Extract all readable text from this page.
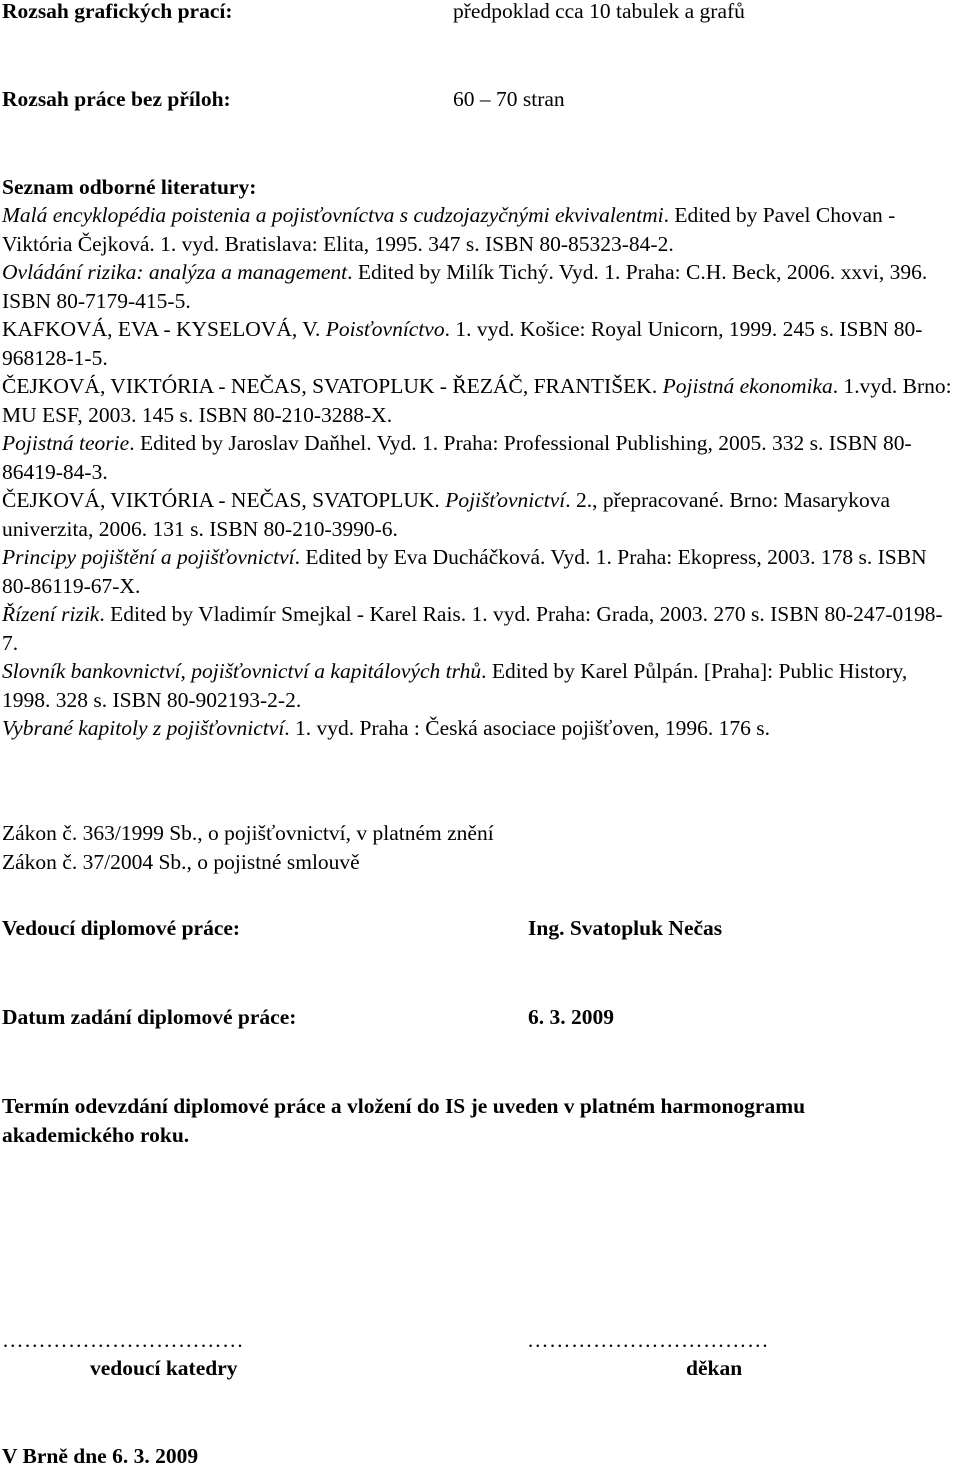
Rozsah grafických prací:	předpoklad cca 10 tabulek a grafů
Rozsah práce bez příloh:	60 – 70 stran
Seznam odborné literatury:

Malá encyklopédia poistenia a pojisťovníctva s cudzojazyčnými ekvivalentmi. Edited by Pavel Chovan - Viktória Čejková. 1. vyd. Bratislava: Elita, 1995. 347 s. ISBN 80-85323-84-2.

Ovládání rizika: analýza a management. Edited by Milík Tichý. Vyd. 1. Praha: C.H. Beck, 2006. xxvi, 396. ISBN 80-7179-415-5.

KAFKOVÁ, EVA - KYSELOVÁ, V. Poisťovníctvo. 1. vyd. Košice: Royal Unicorn, 1999. 245 s. ISBN 80-968128-1-5.

ČEJKOVÁ, VIKTÓRIA - NEČAS, SVATOPLUK - ŘEZÁČ, FRANTIŠEK. Pojistná ekonomika. 1.vyd. Brno: MU ESF, 2003. 145 s. ISBN 80-210-3288-X.

Pojistná teorie. Edited by Jaroslav Daňhel. Vyd. 1. Praha: Professional Publishing, 2005. 332 s. ISBN 80-86419-84-3.

ČEJKOVÁ, VIKTÓRIA - NEČAS, SVATOPLUK. Pojišťovnictví. 2., přepracované. Brno: Masarykova univerzita, 2006. 131 s. ISBN 80-210-3990-6.

Principy pojištění a pojišťovnictví. Edited by Eva Ducháčková. Vyd. 1. Praha: Ekopress, 2003. 178 s. ISBN 80-86119-67-X.

Řízení rizik. Edited by Vladimír Smejkal - Karel Rais. 1. vyd. Praha: Grada, 2003. 270 s. ISBN 80-247-0198-7.

Slovník bankovnictví, pojišťovnictví a kapitálových trhů. Edited by Karel Půlpán. [Praha]: Public History, 1998. 328 s. ISBN 80-902193-2-2.

Vybrané kapitoly z pojišťovnictví. 1. vyd. Praha : Česká asociace pojišťoven, 1996. 176 s.

Zákon č. 363/1999 Sb., o pojišťovnictví, v platném znění
Zákon č. 37/2004 Sb., o pojistné smlouvě
Vedoucí diplomové práce:	Ing. Svatopluk Nečas
Datum zadání diplomové práce:	6. 3. 2009
Termín odevzdání diplomové práce a vložení do IS je uveden v platném harmonogramu
akademického roku.
……………………………	……………………………
vedoucí katedry	děkan
V Brně dne 6. 3. 2009
